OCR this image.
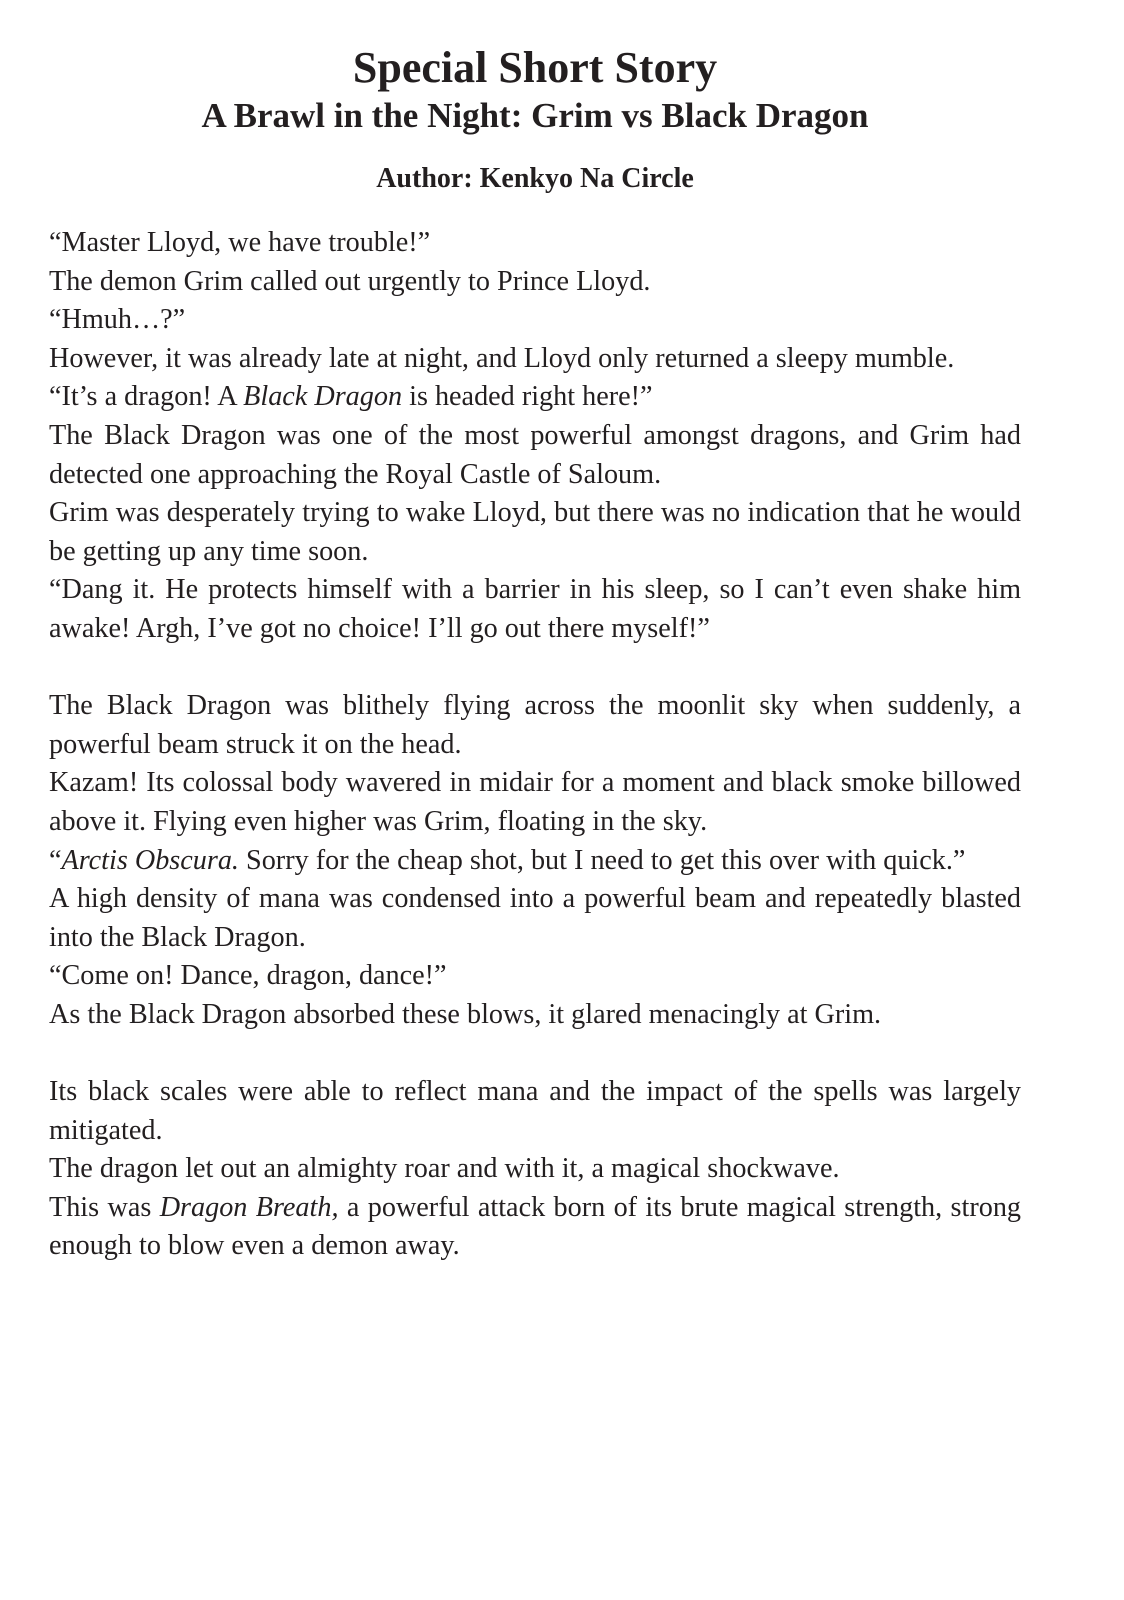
Special Short Story
A Brawl in the Night: Grim vs Black Dragon
Author: Kenkyo Na Circle

“Master Lloyd, we have trouble!”

The demon Grim called out urgently to Prince Lloyd.

“Hmuh…?”

However, it was already late at night, and Lloyd only returned a sleepy mumble.

“It’s a dragon! A Black Dragon is headed right here!”

The Black Dragon was one of the most powerful amongst dragons, and Grim had detected one approaching the Royal Castle of Saloum.

Grim was desperately trying to wake Lloyd, but there was no indication that he would be getting up any time soon.

“Dang it. He protects himself with a barrier in his sleep, so I can’t even shake him awake! Argh, I’ve got no choice! I’ll go out there myself!”

The Black Dragon was blithely flying across the moonlit sky when suddenly, a powerful beam struck it on the head.

Kazam! Its colossal body wavered in midair for a moment and black smoke billowed above it. Flying even higher was Grim, floating in the sky.

“Arctis Obscura. Sorry for the cheap shot, but I need to get this over with quick.”

A high density of mana was condensed into a powerful beam and repeatedly blasted into the Black Dragon.

“Come on! Dance, dragon, dance!”

As the Black Dragon absorbed these blows, it glared menacingly at Grim.

Its black scales were able to reflect mana and the impact of the spells was largely mitigated.

The dragon let out an almighty roar and with it, a magical shockwave.

This was Dragon Breath, a powerful attack born of its brute magical strength, strong enough to blow even a demon away.
